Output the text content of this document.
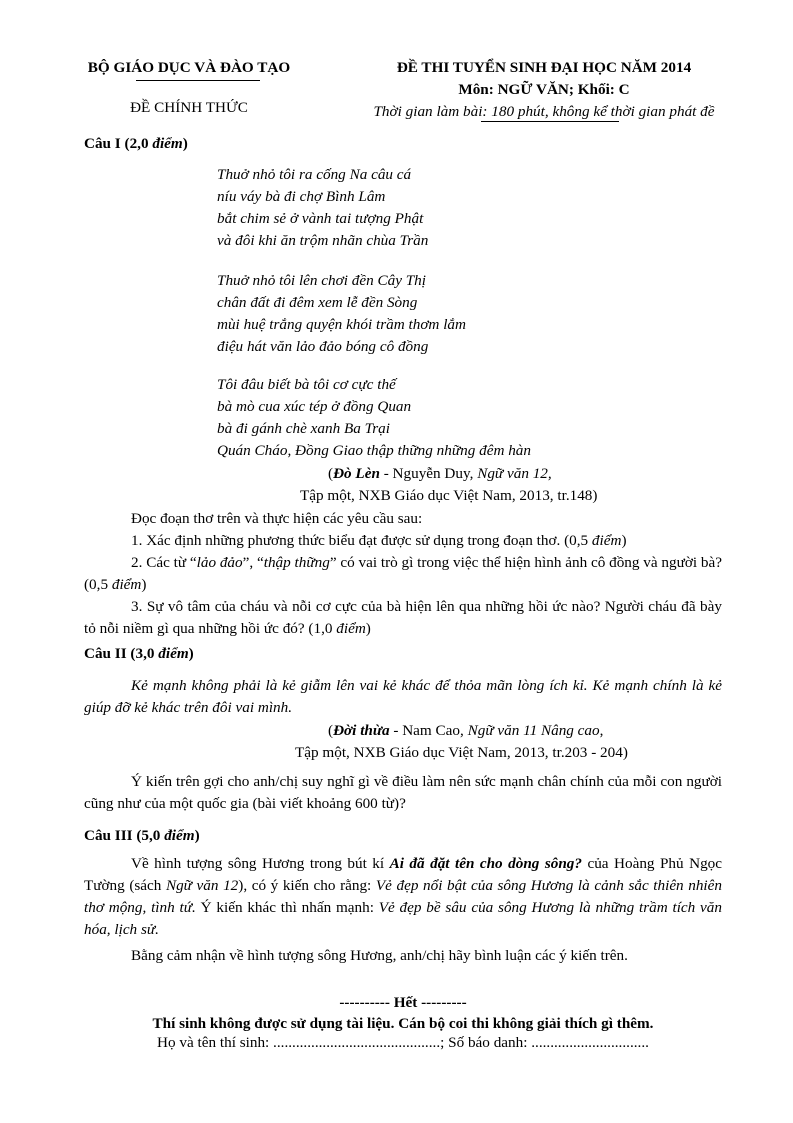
BỘ GIÁO DỤC VÀ ĐÀO TẠO
ĐỀ CHÍNH THỨC
ĐỀ THI TUYỂN SINH ĐẠI HỌC NĂM 2014
Môn: NGỮ VĂN; Khối: C
Thời gian làm bài: 180 phút, không kể thời gian phát đề
Câu I (2,0 điểm)
Thuở nhỏ tôi ra cống Na câu cá
níu váy bà đi chợ Bình Lâm
bắt chim sẻ ở vành tai tượng Phật
và đôi khi ăn trộm nhãn chùa Trần
Thuở nhỏ tôi lên chơi đền Cây Thị
chân đất đi đêm xem lễ đền Sòng
mùi huệ trắng quyện khói trầm thơm lắm
điệu hát văn lảo đảo bóng cô đồng
Tôi đâu biết bà tôi cơ cực thế
bà mò cua xúc tép ở đồng Quan
bà đi gánh chè xanh Ba Trại
Quán Cháo, Đồng Giao thập thững những đêm hàn
(Đò Lèn - Nguyễn Duy, Ngữ văn 12,
Tập một, NXB Giáo dục Việt Nam, 2013, tr.148)
Đọc đoạn thơ trên và thực hiện các yêu cầu sau:
1. Xác định những phương thức biểu đạt được sử dụng trong đoạn thơ. (0,5 điểm)
2. Các từ “lảo đảo”, “thập thững” có vai trò gì trong việc thể hiện hình ảnh cô đồng và người bà? (0,5 điểm)
3. Sự vô tâm của cháu và nỗi cơ cực của bà hiện lên qua những hồi ức nào? Người cháu đã bày tỏ nỗi niềm gì qua những hồi ức đó? (1,0 điểm)
Câu II (3,0 điểm)
Kẻ mạnh không phải là kẻ giẫm lên vai kẻ khác để thỏa mãn lòng ích kỉ. Kẻ mạnh chính là kẻ giúp đỡ kẻ khác trên đôi vai mình.
(Đời thừa - Nam Cao, Ngữ văn 11 Nâng cao,
Tập một, NXB Giáo dục Việt Nam, 2013, tr.203 - 204)
Ý kiến trên gợi cho anh/chị suy nghĩ gì về điều làm nên sức mạnh chân chính của mỗi con người cũng như của một quốc gia (bài viết khoảng 600 từ)?
Câu III (5,0 điểm)
Về hình tượng sông Hương trong bút kí Ai đã đặt tên cho dòng sông? của Hoàng Phủ Ngọc Tường (sách Ngữ văn 12), có ý kiến cho rằng: Vẻ đẹp nổi bật của sông Hương là cảnh sắc thiên nhiên thơ mộng, tình tứ. Ý kiến khác thì nhấn mạnh: Vẻ đẹp bề sâu của sông Hương là những trầm tích văn hóa, lịch sử.
Bằng cảm nhận về hình tượng sông Hương, anh/chị hãy bình luận các ý kiến trên.
---------- Hết ---------
Thí sinh không được sử dụng tài liệu. Cán bộ coi thi không giải thích gì thêm.
Họ và tên thí sinh: ............................................; Số báo danh: ...............................
